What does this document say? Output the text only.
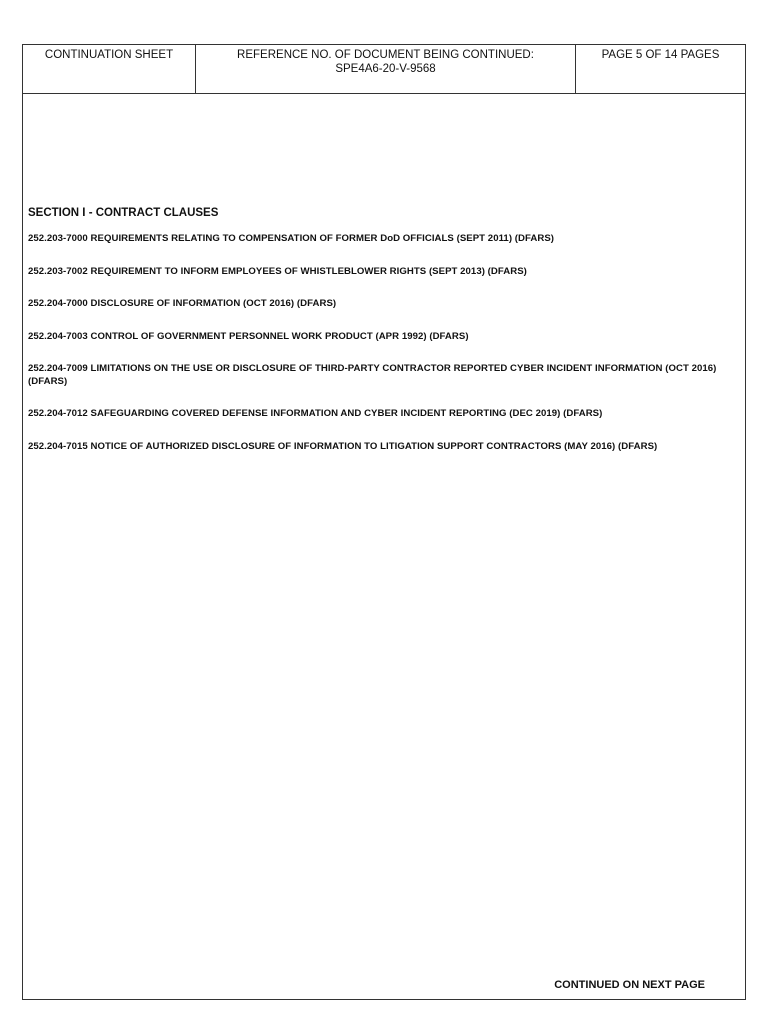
CONTINUATION SHEET	REFERENCE NO. OF DOCUMENT BEING CONTINUED:
SPE4A6-20-V-9568
PAGE 5 OF 14 PAGES
SECTION I - CONTRACT CLAUSES
252.203-7000 REQUIREMENTS RELATING TO COMPENSATION OF FORMER DoD OFFICIALS (SEPT 2011) (DFARS)
252.203-7002 REQUIREMENT TO INFORM EMPLOYEES OF WHISTLEBLOWER RIGHTS (SEPT 2013) (DFARS)
252.204-7000 DISCLOSURE OF INFORMATION (OCT 2016) (DFARS)
252.204-7003 CONTROL OF GOVERNMENT PERSONNEL WORK PRODUCT (APR 1992) (DFARS)
252.204-7009 LIMITATIONS ON THE USE OR DISCLOSURE OF THIRD-PARTY CONTRACTOR REPORTED CYBER INCIDENT INFORMATION (OCT 2016) (DFARS)
252.204-7012 SAFEGUARDING COVERED DEFENSE INFORMATION AND CYBER INCIDENT REPORTING (DEC 2019) (DFARS)
252.204-7015 NOTICE OF AUTHORIZED DISCLOSURE OF INFORMATION TO LITIGATION SUPPORT CONTRACTORS (MAY 2016) (DFARS)
CONTINUED ON NEXT PAGE
